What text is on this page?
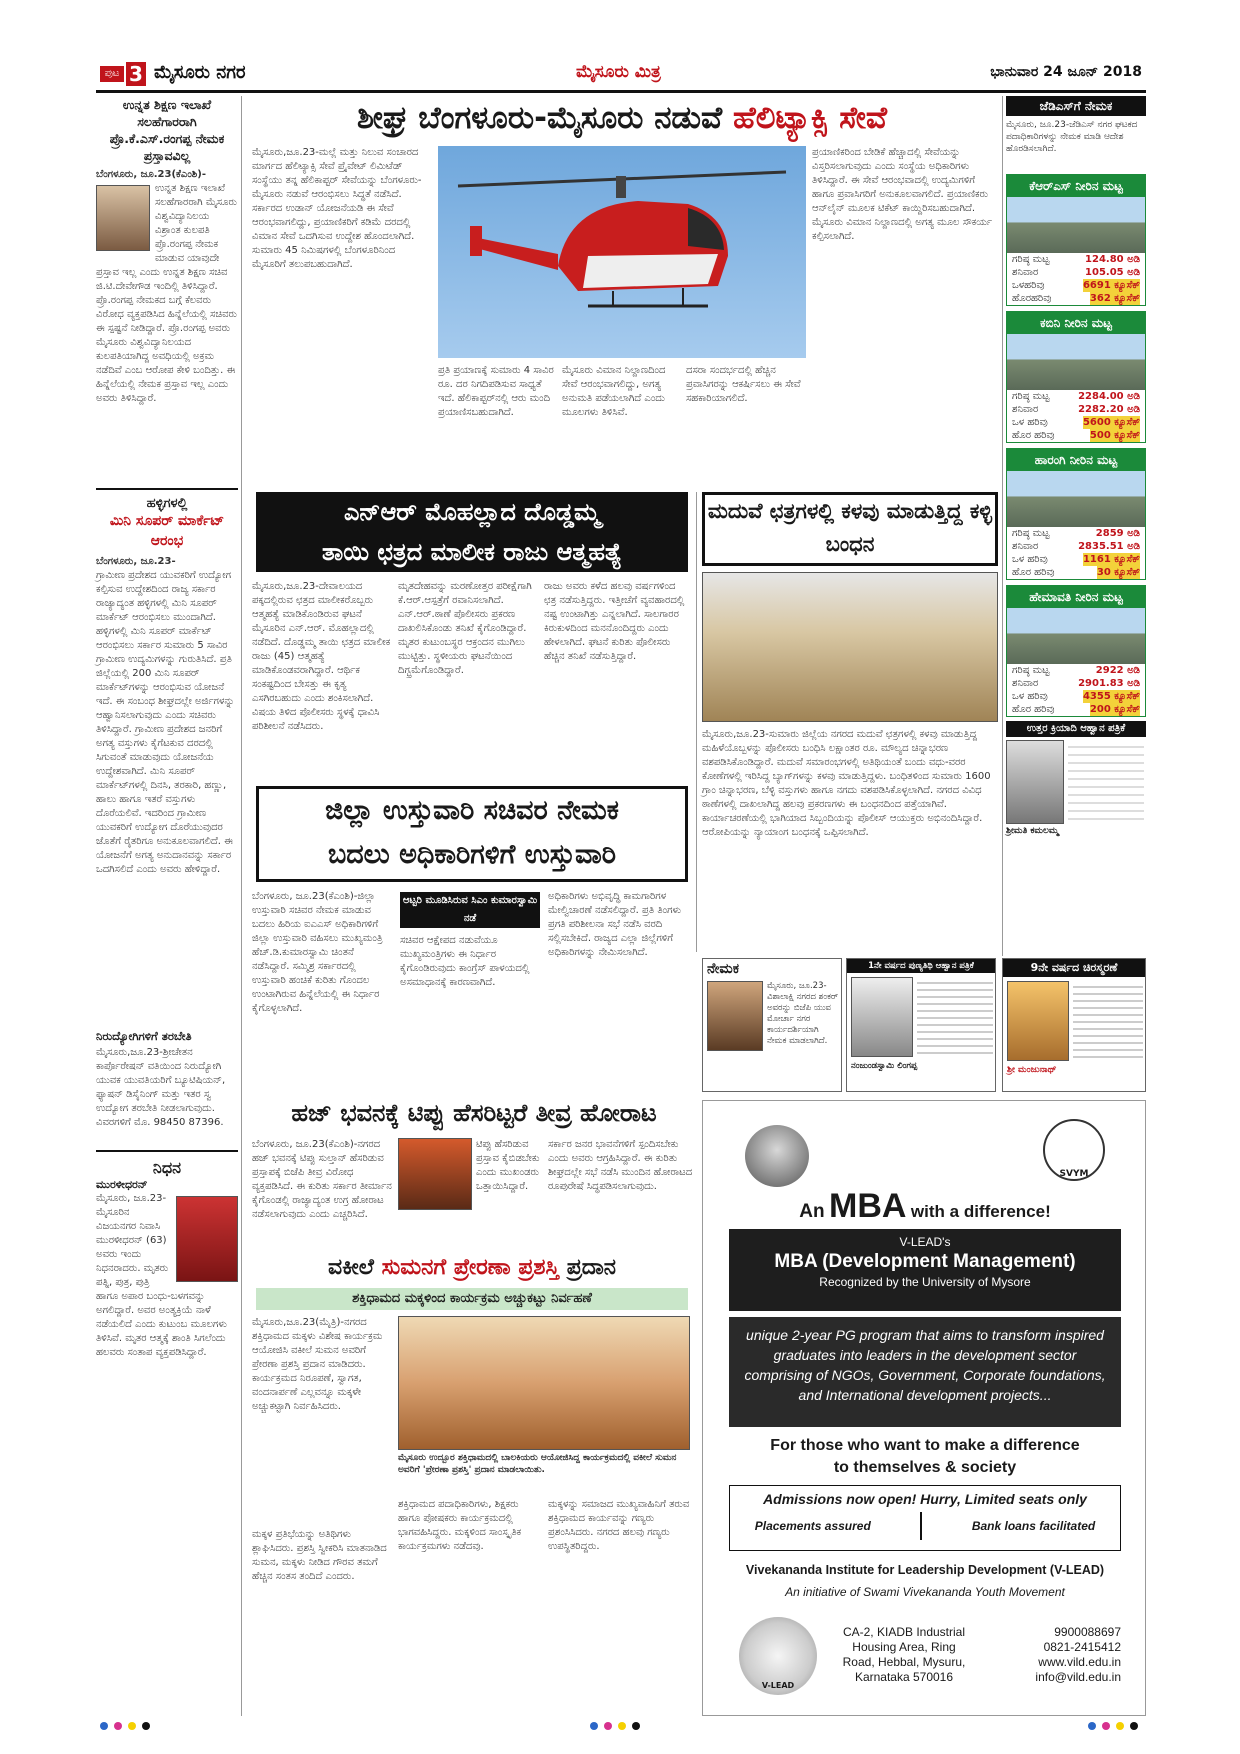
ಪುಟ 3 ಮೈಸೂರು ನಗರ	ಮೈಸೂರು ಮಿತ್ರ	ಭಾನುವಾರ 24 ಜೂನ್ 2018
ಉನ್ನತ ಶಿಕ್ಷಣ ಇಲಾಖೆ ಸಲಹೆಗಾರರಾಗಿ ಪ್ರೊ.ಕೆ.ಎಸ್.ರಂಗಪ್ಪ ನೇಮಕ ಪ್ರಸ್ತಾವವಿಲ್ಲ
ಬೆಂಗಳೂರು, ಜೂ.23(ಕೆಎಂಶಿ)-
ಉನ್ನತ ಶಿಕ್ಷಣ ಇಲಾಖೆ ಸಲಹೆಗಾರರಾಗಿ ಮೈಸೂರು ವಿಶ್ವವಿದ್ಯಾನಿಲಯ ವಿಶ್ರಾಂತ ಕುಲಪತಿ ಪ್ರೊ.ರಂಗಪ್ಪ ನೇಮಕ ಮಾಡುವ ಯಾವುದೇ ಪ್ರಸ್ತಾವ ಇಲ್ಲ ಎಂದು ಉನ್ನತ ಶಿಕ್ಷಣ ಸಚಿವ ಜಿ.ಟಿ.ದೇವೇಗೌಡ ಇಂದಿಲ್ಲಿ ತಿಳಿಸಿದ್ದಾರೆ. ಪ್ರೊ.ರಂಗಪ್ಪ ನೇಮಕದ ಬಗ್ಗೆ ಕೆಲವರು ವಿರೋಧ ವ್ಯಕ್ತಪಡಿಸಿದ ಹಿನ್ನೆಲೆಯಲ್ಲಿ ಸಚಿವರು ಈ ಸ್ಪಷ್ಟನೆ ನೀಡಿದ್ದಾರೆ. ಪ್ರೊ.ರಂಗಪ್ಪ ಅವರು ಮೈಸೂರು ವಿಶ್ವವಿದ್ಯಾನಿಲಯದ ಕುಲಪತಿಯಾಗಿದ್ದ ಅವಧಿಯಲ್ಲಿ ಅಕ್ರಮ ನಡೆದಿವೆ ಎಂಬ ಆರೋಪ ಕೇಳಿ ಬಂದಿತ್ತು. ಈ ಹಿನ್ನೆಲೆಯಲ್ಲಿ ನೇಮಕ ಪ್ರಸ್ತಾವ ಇಲ್ಲ ಎಂದು ಅವರು ತಿಳಿಸಿದ್ದಾರೆ.
ಹಳ್ಳಿಗಳಲ್ಲಿ
ಮಿನಿ ಸೂಪರ್ ಮಾರ್ಕೆಟ್ ಆರಂಭ
ಬೆಂಗಳೂರು, ಜೂ.23-
ಗ್ರಾಮೀಣ ಪ್ರದೇಶದ ಯುವಕರಿಗೆ ಉದ್ಯೋಗ ಕಲ್ಪಿಸುವ ಉದ್ದೇಶದಿಂದ ರಾಜ್ಯ ಸರ್ಕಾರ ರಾಜ್ಯಾದ್ಯಂತ ಹಳ್ಳಿಗಳಲ್ಲಿ ಮಿನಿ ಸೂಪರ್ ಮಾರ್ಕೆಟ್ ಆರಂಭಿಸಲು ಮುಂದಾಗಿದೆ. ಹಳ್ಳಿಗಳಲ್ಲಿ ಮಿನಿ ಸೂಪರ್ ಮಾರ್ಕೆಟ್ ಆರಂಭಿಸಲು ಸರ್ಕಾರ ಸುಮಾರು 5 ಸಾವಿರ ಗ್ರಾಮೀಣ ಉದ್ಯಮಿಗಳನ್ನು ಗುರುತಿಸಿದೆ. ಪ್ರತಿ ಜಿಲ್ಲೆಯಲ್ಲಿ 200 ಮಿನಿ ಸೂಪರ್ ಮಾರ್ಕೆಟ್‌ಗಳನ್ನು ಆರಂಭಿಸುವ ಯೋಜನೆ ಇದೆ. ಈ ಸಂಬಂಧ ಶೀಘ್ರದಲ್ಲೇ ಅರ್ಜಿಗಳನ್ನು ಆಹ್ವಾನಿಸಲಾಗುವುದು ಎಂದು ಸಚಿವರು ತಿಳಿಸಿದ್ದಾರೆ. ಗ್ರಾಮೀಣ ಪ್ರದೇಶದ ಜನರಿಗೆ ಅಗತ್ಯ ವಸ್ತುಗಳು ಕೈಗೆಟಕುವ ದರದಲ್ಲಿ ಸಿಗುವಂತೆ ಮಾಡುವುದು ಯೋಜನೆಯ ಉದ್ದೇಶವಾಗಿದೆ. ಮಿನಿ ಸೂಪರ್ ಮಾರ್ಕೆಟ್‌ಗಳಲ್ಲಿ ದಿನಸಿ, ತರಕಾರಿ, ಹಣ್ಣು, ಹಾಲು ಹಾಗೂ ಇತರೆ ವಸ್ತುಗಳು ದೊರೆಯಲಿವೆ. ಇದರಿಂದ ಗ್ರಾಮೀಣ ಯುವಕರಿಗೆ ಉದ್ಯೋಗ ದೊರೆಯುವುದರ ಜೊತೆಗೆ ರೈತರಿಗೂ ಅನುಕೂಲವಾಗಲಿದೆ. ಈ ಯೋಜನೆಗೆ ಅಗತ್ಯ ಅನುದಾನವನ್ನು ಸರ್ಕಾರ ಒದಗಿಸಲಿದೆ ಎಂದು ಅವರು ಹೇಳಿದ್ದಾರೆ.
ನಿರುದ್ಯೋಗಿಗಳಿಗೆ ತರಬೇತಿ
ಮೈಸೂರು,ಜೂ.23-ಶ್ರೀಚೇತನ ಕಾರ್ಪೊರೇಷನ್ ವತಿಯಿಂದ ನಿರುದ್ಯೋಗಿ ಯುವಕ ಯುವತಿಯರಿಗೆ ಬ್ಯೂಟಿಷಿಯನ್, ಫ್ಯಾಷನ್ ಡಿಸೈನಿಂಗ್ ಮತ್ತು ಇತರ ಸ್ವ ಉದ್ಯೋಗ ತರಬೇತಿ ನೀಡಲಾಗುವುದು. ವಿವರಗಳಿಗೆ ಮೊ. 98450 87396.
ನಿಧನ
ಮುರಳೀಧರನ್
ಮೈಸೂರು, ಜೂ.23-ಮೈಸೂರಿನ ವಿಜಯನಗರ ನಿವಾಸಿ ಮುರಳೀಧರನ್ (63) ಅವರು ಇಂದು ನಿಧನರಾದರು. ಮೃತರು ಪತ್ನಿ, ಪುತ್ರ, ಪುತ್ರಿ ಹಾಗೂ ಅಪಾರ ಬಂಧು-ಬಳಗವನ್ನು ಅಗಲಿದ್ದಾರೆ. ಅವರ ಅಂತ್ಯಕ್ರಿಯೆ ನಾಳೆ ನಡೆಯಲಿದೆ ಎಂದು ಕುಟುಂಬ ಮೂಲಗಳು ತಿಳಿಸಿವೆ. ಮೃತರ ಆತ್ಮಕ್ಕೆ ಶಾಂತಿ ಸಿಗಲೆಂದು ಹಲವರು ಸಂತಾಪ ವ್ಯಕ್ತಪಡಿಸಿದ್ದಾರೆ.
ಶೀಘ್ರ ಬೆಂಗಳೂರು-ಮೈಸೂರು ನಡುವೆ ಹೆಲಿಟ್ಯಾಕ್ಸಿ ಸೇವೆ
ಮೈಸೂರು,ಜೂ.23-ಮಲ್ಲೆ ಮತ್ತು ನಿಲುವ ಸಂಚಾರದ ಮಾರ್ಗದ ಹೆಲಿಟ್ಯಾಕ್ಸಿ ಸೇವೆ ಪ್ರೈವೇಟ್ ಲಿಮಿಟೆಡ್ ಸಂಸ್ಥೆಯು ತನ್ನ ಹೆಲಿಕಾಪ್ಟರ್ ಸೇವೆಯನ್ನು ಬೆಂಗಳೂರು-ಮೈಸೂರು ನಡುವೆ ಆರಂಭಿಸಲು ಸಿದ್ಧತೆ ನಡೆಸಿದೆ. ಸರ್ಕಾರದ ಉಡಾನ್ ಯೋಜನೆಯಡಿ ಈ ಸೇವೆ ಆರಂಭವಾಗಲಿದ್ದು, ಪ್ರಯಾಣಿಕರಿಗೆ ಕಡಿಮೆ ದರದಲ್ಲಿ ವಿಮಾನ ಸೇವೆ ಒದಗಿಸುವ ಉದ್ದೇಶ ಹೊಂದಲಾಗಿದೆ. ಸುಮಾರು 45 ನಿಮಿಷಗಳಲ್ಲಿ ಬೆಂಗಳೂರಿನಿಂದ ಮೈಸೂರಿಗೆ ತಲುಪಬಹುದಾಗಿದೆ.
ಪ್ರತಿ ಪ್ರಯಾಣಕ್ಕೆ ಸುಮಾರು 4 ಸಾವಿರ ರೂ. ದರ ನಿಗದಿಪಡಿಸುವ ಸಾಧ್ಯತೆ ಇದೆ. ಹೆಲಿಕಾಪ್ಟರ್‌ನಲ್ಲಿ ಆರು ಮಂದಿ ಪ್ರಯಾಣಿಸಬಹುದಾಗಿದೆ.
ಮೈಸೂರು ವಿಮಾನ ನಿಲ್ದಾಣದಿಂದ ಸೇವೆ ಆರಂಭವಾಗಲಿದ್ದು, ಅಗತ್ಯ ಅನುಮತಿ ಪಡೆಯಲಾಗಿದೆ ಎಂದು ಮೂಲಗಳು ತಿಳಿಸಿವೆ.
ದಸರಾ ಸಂದರ್ಭದಲ್ಲಿ ಹೆಚ್ಚಿನ ಪ್ರವಾಸಿಗರನ್ನು ಆಕರ್ಷಿಸಲು ಈ ಸೇವೆ ಸಹಕಾರಿಯಾಗಲಿದೆ.
ಪ್ರಯಾಣಿಕರಿಂದ ಬೇಡಿಕೆ ಹೆಚ್ಚಾದಲ್ಲಿ ಸೇವೆಯನ್ನು ವಿಸ್ತರಿಸಲಾಗುವುದು ಎಂದು ಸಂಸ್ಥೆಯ ಅಧಿಕಾರಿಗಳು ತಿಳಿಸಿದ್ದಾರೆ. ಈ ಸೇವೆ ಆರಂಭವಾದಲ್ಲಿ ಉದ್ಯಮಿಗಳಿಗೆ ಹಾಗೂ ಪ್ರವಾಸಿಗರಿಗೆ ಅನುಕೂಲವಾಗಲಿದೆ. ಪ್ರಯಾಣಿಕರು ಆನ್‌ಲೈನ್ ಮೂಲಕ ಟಿಕೆಟ್ ಕಾಯ್ದಿರಿಸಬಹುದಾಗಿದೆ. ಮೈಸೂರು ವಿಮಾನ ನಿಲ್ದಾಣದಲ್ಲಿ ಅಗತ್ಯ ಮೂಲ ಸೌಕರ್ಯ ಕಲ್ಪಿಸಲಾಗಿದೆ.
ಜೆಡಿಎಸ್‌ಗೆ ನೇಮಕ
ಮೈಸೂರು, ಜೂ.23-ಜೆಡಿಎಸ್ ನಗರ ಘಟಕದ ಪದಾಧಿಕಾರಿಗಳನ್ನು ನೇಮಕ ಮಾಡಿ ಆದೇಶ ಹೊರಡಿಸಲಾಗಿದೆ.
ಕೆಆರ್‌ಎಸ್ ನೀರಿನ ಮಟ್ಟ
ಗರಿಷ್ಠ ಮಟ್ಟ	124.80 ಅಡಿ
ಶನಿವಾರ	105.05 ಅಡಿ
ಒಳಹರಿವು	6691 ಕ್ಯೂಸೆಕ್
ಹೊರಹರಿವು	362 ಕ್ಯೂಸೆಕ್
ಕಬಿನಿ ನೀರಿನ ಮಟ್ಟ
ಗರಿಷ್ಠ ಮಟ್ಟ	2284.00 ಅಡಿ
ಶನಿವಾರ	2282.20 ಅಡಿ
ಒಳ ಹರಿವು	5600 ಕ್ಯೂಸೆಕ್
ಹೊರ ಹರಿವು	500 ಕ್ಯೂಸೆಕ್
ಹಾರಂಗಿ ನೀರಿನ ಮಟ್ಟ
ಗರಿಷ್ಠ ಮಟ್ಟ	2859 ಅಡಿ
ಶನಿವಾರ	2835.51 ಅಡಿ
ಒಳ ಹರಿವು	1161 ಕ್ಯೂಸೆಕ್
ಹೊರ ಹರಿವು	30 ಕ್ಯೂಸೆಕ್
ಹೇಮಾವತಿ ನೀರಿನ ಮಟ್ಟ
ಗರಿಷ್ಠ ಮಟ್ಟ	2922 ಅಡಿ
ಶನಿವಾರ	2901.83 ಅಡಿ
ಒಳ ಹರಿವು	4355 ಕ್ಯೂಸೆಕ್
ಹೊರ ಹರಿವು	200 ಕ್ಯೂಸೆಕ್
ಉತ್ತರ ಕ್ರಿಯಾದಿ ಆಹ್ವಾನ ಪತ್ರಿಕೆ
ಶ್ರೀಮತಿ ಕಮಲಮ್ಮ
ಎನ್‌ಆರ್ ಮೊಹಲ್ಲಾದ ದೊಡ್ಡಮ್ಮ
ತಾಯಿ ಛತ್ರದ ಮಾಲೀಕ ರಾಜು ಆತ್ಮಹತ್ಯೆ
ಮೈಸೂರು,ಜೂ.23-ದೇವಾಲಯದ ಪಕ್ಕದಲ್ಲಿರುವ ಛತ್ರದ ಮಾಲೀಕರೊಬ್ಬರು ಆತ್ಮಹತ್ಯೆ ಮಾಡಿಕೊಂಡಿರುವ ಘಟನೆ ಮೈಸೂರಿನ ಎನ್.ಆರ್. ಮೊಹಲ್ಲಾದಲ್ಲಿ ನಡೆದಿದೆ. ದೊಡ್ಡಮ್ಮ ತಾಯಿ ಛತ್ರದ ಮಾಲೀಕ ರಾಜು (45) ಆತ್ಮಹತ್ಯೆ ಮಾಡಿಕೊಂಡವರಾಗಿದ್ದಾರೆ. ಆರ್ಥಿಕ ಸಂಕಷ್ಟದಿಂದ ಬೇಸತ್ತು ಈ ಕೃತ್ಯ ಎಸಗಿರಬಹುದು ಎಂದು ಶಂಕಿಸಲಾಗಿದೆ. ವಿಷಯ ತಿಳಿದ ಪೊಲೀಸರು ಸ್ಥಳಕ್ಕೆ ಧಾವಿಸಿ ಪರಿಶೀಲನೆ ನಡೆಸಿದರು.
ಮೃತದೇಹವನ್ನು ಮರಣೋತ್ತರ ಪರೀಕ್ಷೆಗಾಗಿ ಕೆ.ಆರ್.ಆಸ್ಪತ್ರೆಗೆ ರವಾನಿಸಲಾಗಿದೆ. ಎನ್.ಆರ್.ಠಾಣೆ ಪೊಲೀಸರು ಪ್ರಕರಣ ದಾಖಲಿಸಿಕೊಂಡು ತನಿಖೆ ಕೈಗೊಂಡಿದ್ದಾರೆ. ಮೃತರ ಕುಟುಂಬಸ್ಥರ ಆಕ್ರಂದನ ಮುಗಿಲು ಮುಟ್ಟಿತ್ತು. ಸ್ಥಳೀಯರು ಘಟನೆಯಿಂದ ದಿಗ್ಭ್ರಮೆಗೊಂಡಿದ್ದಾರೆ.
ರಾಜು ಅವರು ಕಳೆದ ಹಲವು ವರ್ಷಗಳಿಂದ ಛತ್ರ ನಡೆಸುತ್ತಿದ್ದರು. ಇತ್ತೀಚೆಗೆ ವ್ಯವಹಾರದಲ್ಲಿ ನಷ್ಟ ಉಂಟಾಗಿತ್ತು ಎನ್ನಲಾಗಿದೆ. ಸಾಲಗಾರರ ಕಿರುಕುಳದಿಂದ ಮನನೊಂದಿದ್ದರು ಎಂದು ಹೇಳಲಾಗಿದೆ. ಘಟನೆ ಕುರಿತು ಪೊಲೀಸರು ಹೆಚ್ಚಿನ ತನಿಖೆ ನಡೆಸುತ್ತಿದ್ದಾರೆ.
ಮದುವೆ ಛತ್ರಗಳಲ್ಲಿ ಕಳವು ಮಾಡುತ್ತಿದ್ದ ಕಳ್ಳಿ ಬಂಧನ
ಮೈಸೂರು,ಜೂ.23-ಸುಮಾರು ಜಿಲ್ಲೆಯ ನಗರದ ಮದುವೆ ಛತ್ರಗಳಲ್ಲಿ ಕಳವು ಮಾಡುತ್ತಿದ್ದ ಮಹಿಳೆಯೊಬ್ಬಳನ್ನು ಪೊಲೀಸರು ಬಂಧಿಸಿ ಲಕ್ಷಾಂತರ ರೂ. ಮೌಲ್ಯದ ಚಿನ್ನಾಭರಣ ವಶಪಡಿಸಿಕೊಂಡಿದ್ದಾರೆ. ಮದುವೆ ಸಮಾರಂಭಗಳಲ್ಲಿ ಅತಿಥಿಯಂತೆ ಬಂದು ವಧು-ವರರ ಕೋಣೆಗಳಲ್ಲಿ ಇರಿಸಿದ್ದ ಬ್ಯಾಗ್‌ಗಳನ್ನು ಕಳವು ಮಾಡುತ್ತಿದ್ದಳು. ಬಂಧಿತಳಿಂದ ಸುಮಾರು 1600 ಗ್ರಾಂ ಚಿನ್ನಾಭರಣ, ಬೆಳ್ಳಿ ವಸ್ತುಗಳು ಹಾಗೂ ನಗದು ವಶಪಡಿಸಿಕೊಳ್ಳಲಾಗಿದೆ. ನಗರದ ವಿವಿಧ ಠಾಣೆಗಳಲ್ಲಿ ದಾಖಲಾಗಿದ್ದ ಹಲವು ಪ್ರಕರಣಗಳು ಈ ಬಂಧನದಿಂದ ಪತ್ತೆಯಾಗಿವೆ. ಕಾರ್ಯಾಚರಣೆಯಲ್ಲಿ ಭಾಗಿಯಾದ ಸಿಬ್ಬಂದಿಯನ್ನು ಪೊಲೀಸ್ ಆಯುಕ್ತರು ಅಭಿನಂದಿಸಿದ್ದಾರೆ. ಆರೋಪಿಯನ್ನು ನ್ಯಾಯಾಂಗ ಬಂಧನಕ್ಕೆ ಒಪ್ಪಿಸಲಾಗಿದೆ.
ಜಿಲ್ಲಾ ಉಸ್ತುವಾರಿ ಸಚಿವರ ನೇಮಕ
ಬದಲು ಅಧಿಕಾರಿಗಳಿಗೆ ಉಸ್ತುವಾರಿ
ಬೆಂಗಳೂರು, ಜೂ.23(ಕೆಎಂಶಿ)-ಜಿಲ್ಲಾ ಉಸ್ತುವಾರಿ ಸಚಿವರ ನೇಮಕ ಮಾಡುವ ಬದಲು ಹಿರಿಯ ಐಎಎಸ್ ಅಧಿಕಾರಿಗಳಿಗೆ ಜಿಲ್ಲಾ ಉಸ್ತುವಾರಿ ವಹಿಸಲು ಮುಖ್ಯಮಂತ್ರಿ ಹೆಚ್.ಡಿ.ಕುಮಾರಸ್ವಾಮಿ ಚಿಂತನೆ ನಡೆಸಿದ್ದಾರೆ. ಸಮ್ಮಿಶ್ರ ಸರ್ಕಾರದಲ್ಲಿ ಉಸ್ತುವಾರಿ ಹಂಚಿಕೆ ಕುರಿತು ಗೊಂದಲ ಉಂಟಾಗಿರುವ ಹಿನ್ನೆಲೆಯಲ್ಲಿ ಈ ನಿರ್ಧಾರ ಕೈಗೊಳ್ಳಲಾಗಿದೆ.
ಆಟ್ಟರಿ ಮೂಡಿಸಿರುವ ಸಿಎಂ ಕುಮಾರಸ್ವಾಮಿ ನಡೆ
ಸಚಿವರ ಆಕ್ಷೇಪದ ನಡುವೆಯೂ ಮುಖ್ಯಮಂತ್ರಿಗಳು ಈ ನಿರ್ಧಾರ ಕೈಗೊಂಡಿರುವುದು ಕಾಂಗ್ರೆಸ್ ಪಾಳಯದಲ್ಲಿ ಅಸಮಾಧಾನಕ್ಕೆ ಕಾರಣವಾಗಿದೆ.
ಅಧಿಕಾರಿಗಳು ಅಭಿವೃದ್ಧಿ ಕಾಮಗಾರಿಗಳ ಮೇಲ್ವಿಚಾರಣೆ ನಡೆಸಲಿದ್ದಾರೆ. ಪ್ರತಿ ತಿಂಗಳು ಪ್ರಗತಿ ಪರಿಶೀಲನಾ ಸಭೆ ನಡೆಸಿ ವರದಿ ಸಲ್ಲಿಸಬೇಕಿದೆ. ರಾಜ್ಯದ ಎಲ್ಲಾ ಜಿಲ್ಲೆಗಳಿಗೆ ಅಧಿಕಾರಿಗಳನ್ನು ನೇಮಿಸಲಾಗಿದೆ.
ನೇಮಕ
ಮೈಸೂರು, ಜೂ.23-ವಿಶಾಲಾಕ್ಷಿ ನಗರದ ಶಂಕರ್ ಅವರನ್ನು ಬಿಜೆಪಿ ಯುವ ಮೋರ್ಚಾ ನಗರ ಕಾರ್ಯದರ್ಶಿಯಾಗಿ ನೇಮಕ ಮಾಡಲಾಗಿದೆ.
1ನೇ ವರ್ಷದ ಪುಣ್ಯತಿಥಿ ಆಹ್ವಾನ ಪತ್ರಿಕೆ
ನಂಜುಂಡಸ್ವಾಮಿ ಲಿಂಗಪ್ಪ
9ನೇ ವರ್ಷದ ಚಿರಸ್ಮರಣೆ
ಶ್ರೀ ಮಂಜುನಾಥ್
ಹಜ್ ಭವನಕ್ಕೆ ಟಿಪ್ಪು ಹೆಸರಿಟ್ಟರೆ ತೀವ್ರ ಹೋರಾಟ
ಬೆಂಗಳೂರು, ಜೂ.23(ಕೆಎಂಶಿ)-ನಗರದ ಹಜ್ ಭವನಕ್ಕೆ ಟಿಪ್ಪು ಸುಲ್ತಾನ್ ಹೆಸರಿಡುವ ಪ್ರಸ್ತಾಪಕ್ಕೆ ಬಿಜೆಪಿ ತೀವ್ರ ವಿರೋಧ ವ್ಯಕ್ತಪಡಿಸಿದೆ. ಈ ಕುರಿತು ಸರ್ಕಾರ ತೀರ್ಮಾನ ಕೈಗೊಂಡಲ್ಲಿ ರಾಜ್ಯಾದ್ಯಂತ ಉಗ್ರ ಹೋರಾಟ ನಡೆಸಲಾಗುವುದು ಎಂದು ಎಚ್ಚರಿಸಿದೆ.
ಟಿಪ್ಪು ಹೆಸರಿಡುವ ಪ್ರಸ್ತಾವ ಕೈಬಿಡಬೇಕು ಎಂದು ಮುಖಂಡರು ಒತ್ತಾಯಿಸಿದ್ದಾರೆ.
ಸರ್ಕಾರ ಜನರ ಭಾವನೆಗಳಿಗೆ ಸ್ಪಂದಿಸಬೇಕು ಎಂದು ಅವರು ಆಗ್ರಹಿಸಿದ್ದಾರೆ. ಈ ಕುರಿತು ಶೀಘ್ರದಲ್ಲೇ ಸಭೆ ನಡೆಸಿ ಮುಂದಿನ ಹೋರಾಟದ ರೂಪುರೇಷೆ ಸಿದ್ಧಪಡಿಸಲಾಗುವುದು.
ವಕೀಲೆ ಸುಮನಗೆ ಪ್ರೇರಣಾ ಪ್ರಶಸ್ತಿ ಪ್ರದಾನ
ಶಕ್ತಿಧಾಮದ ಮಕ್ಕಳಿಂದ ಕಾರ್ಯಕ್ರಮ ಅಚ್ಚುಕಟ್ಟು ನಿರ್ವಹಣೆ
ಮೈಸೂರು,ಜೂ.23(ಮೈತ್ರಿ)-ನಗರದ ಶಕ್ತಿಧಾಮದ ಮಕ್ಕಳು ವಿಶೇಷ ಕಾರ್ಯಕ್ರಮ ಆಯೋಜಿಸಿ ವಕೀಲೆ ಸುಮನ ಅವರಿಗೆ ಪ್ರೇರಣಾ ಪ್ರಶಸ್ತಿ ಪ್ರದಾನ ಮಾಡಿದರು. ಕಾರ್ಯಕ್ರಮದ ನಿರೂಪಣೆ, ಸ್ವಾಗತ, ವಂದನಾರ್ಪಣೆ ಎಲ್ಲವನ್ನೂ ಮಕ್ಕಳೇ ಅಚ್ಚುಕಟ್ಟಾಗಿ ನಿರ್ವಹಿಸಿದರು.
ಮೈಸೂರು ಉದ್ಬೂರ ಶಕ್ತಿಧಾಮದಲ್ಲಿ ಬಾಲಕಿಯರು ಆಯೋಜಿಸಿದ್ದ ಕಾರ್ಯಕ್ರಮದಲ್ಲಿ ವಕೀಲೆ ಸುಮನ ಅವರಿಗೆ 'ಪ್ರೇರಣಾ ಪ್ರಶಸ್ತಿ' ಪ್ರದಾನ ಮಾಡಲಾಯಿತು.
ಮಕ್ಕಳ ಪ್ರತಿಭೆಯನ್ನು ಅತಿಥಿಗಳು ಶ್ಲಾಘಿಸಿದರು. ಪ್ರಶಸ್ತಿ ಸ್ವೀಕರಿಸಿ ಮಾತನಾಡಿದ ಸುಮನ, ಮಕ್ಕಳು ನೀಡಿದ ಗೌರವ ತಮಗೆ ಹೆಚ್ಚಿನ ಸಂತಸ ತಂದಿದೆ ಎಂದರು.
ಶಕ್ತಿಧಾಮದ ಪದಾಧಿಕಾರಿಗಳು, ಶಿಕ್ಷಕರು ಹಾಗೂ ಪೋಷಕರು ಕಾರ್ಯಕ್ರಮದಲ್ಲಿ ಭಾಗವಹಿಸಿದ್ದರು. ಮಕ್ಕಳಿಂದ ಸಾಂಸ್ಕೃತಿಕ ಕಾರ್ಯಕ್ರಮಗಳು ನಡೆದವು.
ಮಕ್ಕಳನ್ನು ಸಮಾಜದ ಮುಖ್ಯವಾಹಿನಿಗೆ ತರುವ ಶಕ್ತಿಧಾಮದ ಕಾರ್ಯವನ್ನು ಗಣ್ಯರು ಪ್ರಶಂಸಿಸಿದರು. ನಗರದ ಹಲವು ಗಣ್ಯರು ಉಪಸ್ಥಿತರಿದ್ದರು.
$_{SVYM}$
An MBA with a difference!
V-LEAD's
MBA (Development Management)
Recognized by the University of Mysore
unique 2-year PG program that aims to transform inspired graduates into leaders in the development sector comprising of NGOs, Government, Corporate foundations, and International development projects...
For those who want to make a difference
to themselves & society
Admissions now open! Hurry, Limited seats only
Placements assured	Bank loans facilitated
Vivekananda Institute for Leadership Development (V-LEAD)
An initiative of Swami Vivekananda Youth Movement
$_{V-LEAD}$
CA-2, KIADB Industrial
Housing Area, Ring
Road, Hebbal, Mysuru,
Karnataka 570016
9900088697
0821-2415412
www.vild.edu.in
info@vild.edu.in
